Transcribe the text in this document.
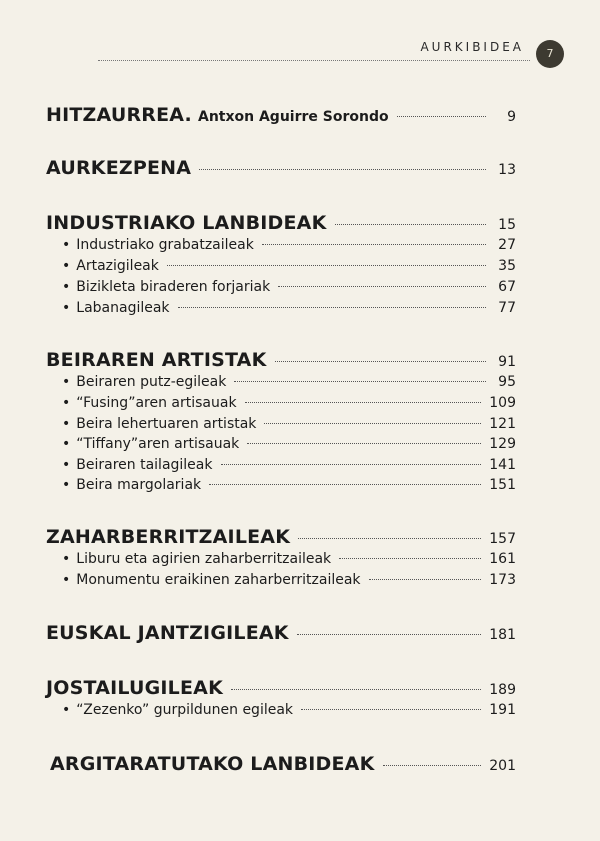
AURKIBIDEA	7
HITZAURREA. Antxon Aguirre Sorondo	9
AURKEZPENA	13
INDUSTRIAKO LANBIDEAK	15
• Industriako grabatzaileak	27
• Artazigileak	35
• Bizikleta biraderen forjariak	67
• Labanagileak	77
BEIRAREN ARTISTAK	91
• Beiraren putz-egileak	95
• “Fusing”aren artisauak	109
• Beira lehertuaren artistak	121
• “Tiffany”aren artisauak	129
• Beiraren tailagileak	141
• Beira margolariak	151
ZAHARBERRITZAILEAK	157
• Liburu eta agirien zaharberritzaileak	161
• Monumentu eraikinen zaharberritzaileak	173
EUSKAL JANTZIGILEAK	181
JOSTAILUGILEAK	189
• “Zezenko” gurpildunen egileak	191
ARGITARATUTAKO LANBIDEAK	201
